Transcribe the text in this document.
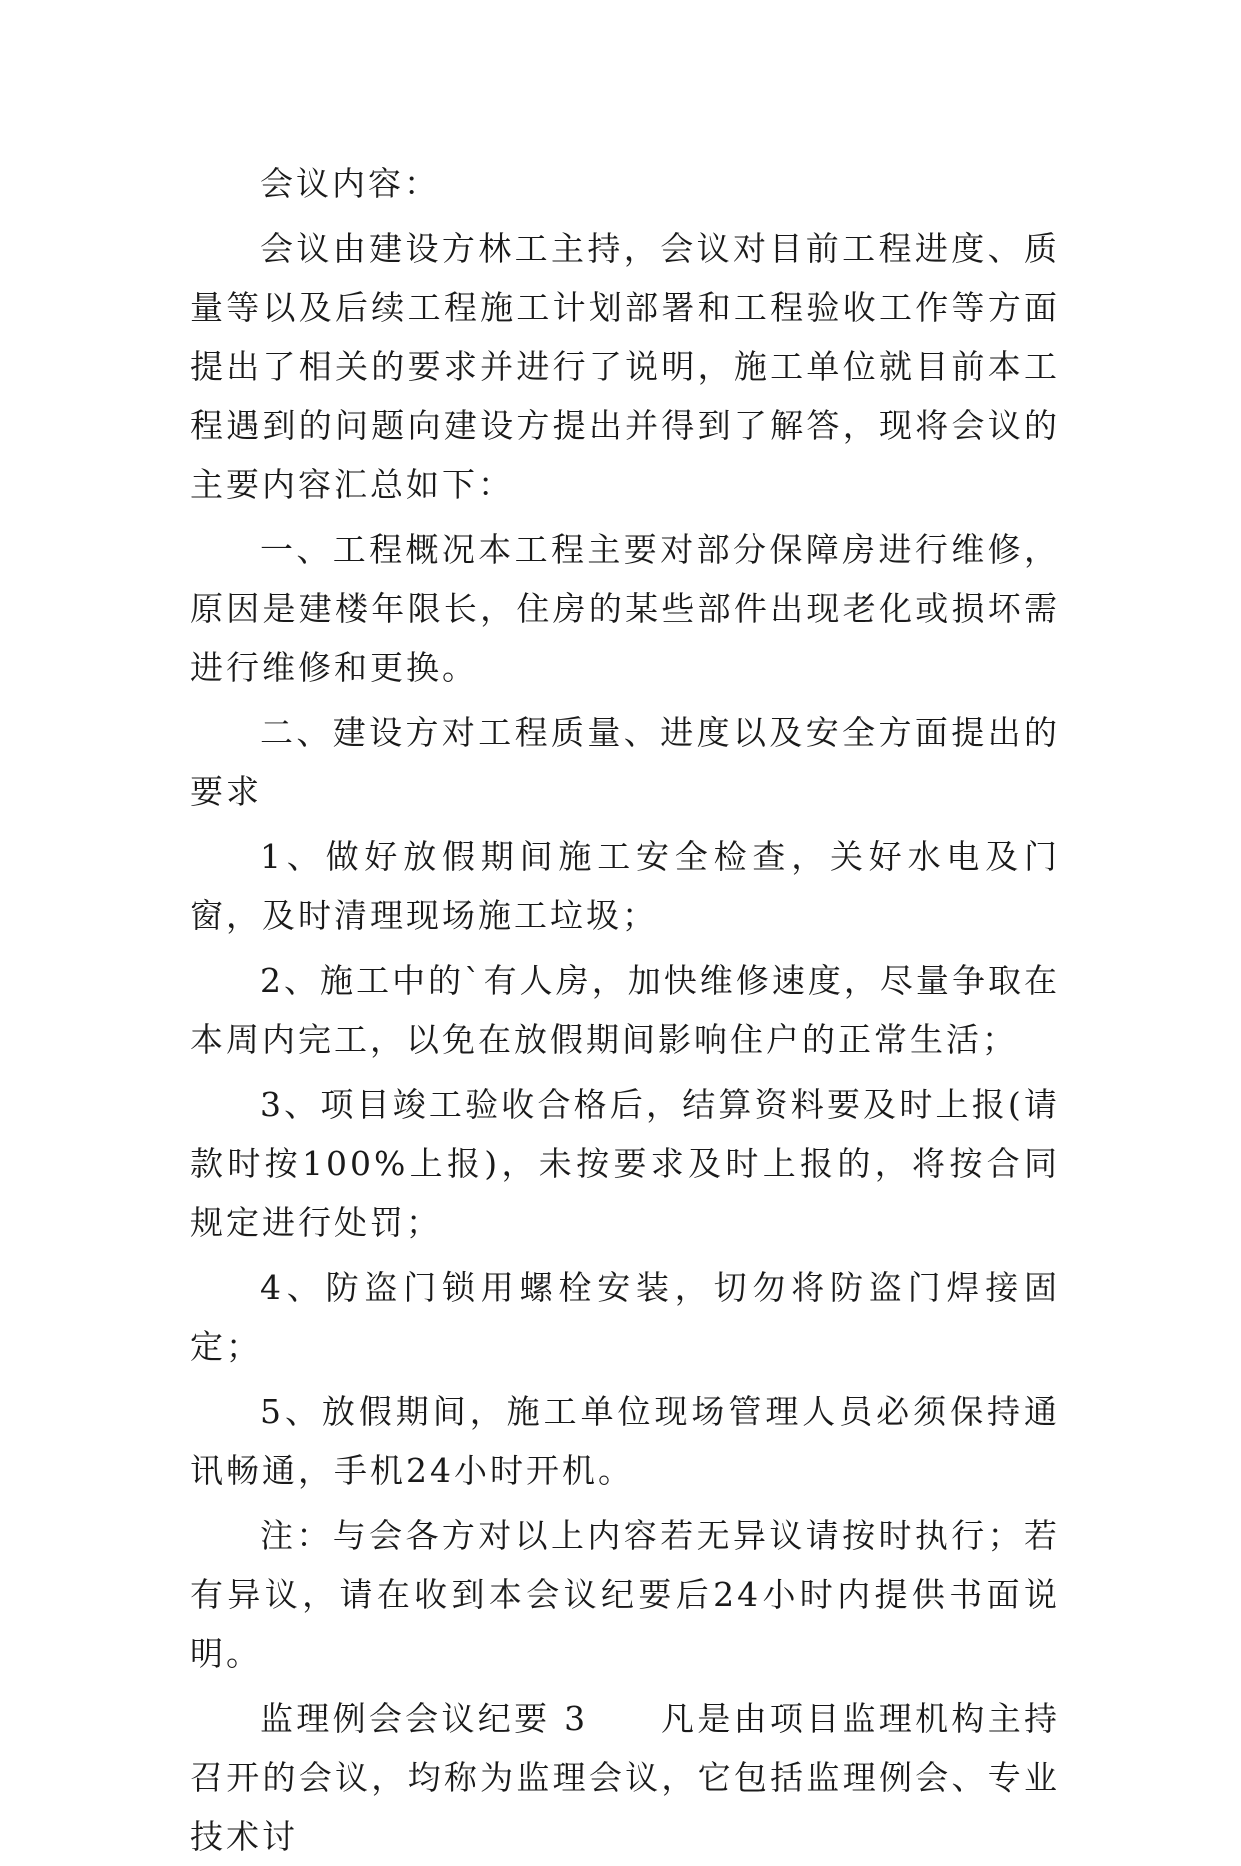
会议内容：

会议由建设方林工主持，会议对目前工程进度、质量等以及后续工程施工计划部署和工程验收工作等方面提出了相关的要求并进行了说明，施工单位就目前本工程遇到的问题向建设方提出并得到了解答，现将会议的主要内容汇总如下：

一、工程概况本工程主要对部分保障房进行维修，原因是建楼年限长，住房的某些部件出现老化或损坏需进行维修和更换。

二、建设方对工程质量、进度以及安全方面提出的要求

1、做好放假期间施工安全检查，关好水电及门窗，及时清理现场施工垃圾；

2、施工中的`有人房，加快维修速度，尽量争取在本周内完工，以免在放假期间影响住户的正常生活；

3、项目竣工验收合格后，结算资料要及时上报(请款时按100%上报)，未按要求及时上报的，将按合同规定进行处罚；

4、防盗门锁用螺栓安装，切勿将防盗门焊接固定；

5、放假期间，施工单位现场管理人员必须保持通讯畅通，手机24小时开机。

注：与会各方对以上内容若无异议请按时执行；若有异议，请在收到本会议纪要后24小时内提供书面说明。

监理例会会议纪要 3　　凡是由项目监理机构主持召开的会议，均称为监理会议，它包括监理例会、专业技术讨
